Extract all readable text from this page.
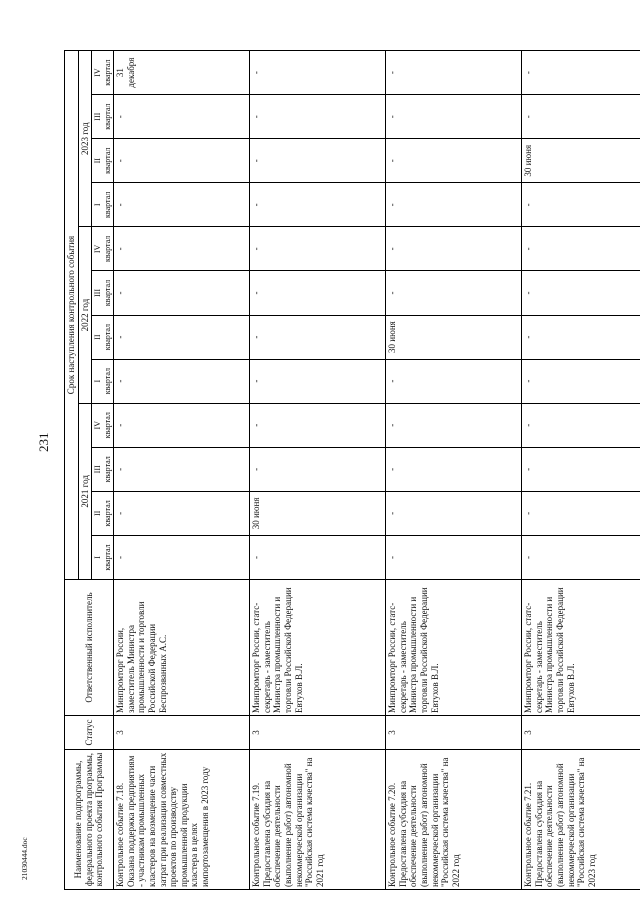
231
21030444.doc	Наименование подпрограммы, федерального проекта программы, контрольного события Программы	Статус	Ответственный исполнитель	Срок наступления контрольного события											
			2021 год				2022 год				2023 год			

			I квартал	II квартал	III квартал	IV квартал	I квартал	II квартал	III квартал	IV квартал	I квартал	II квартал	III квартал	IV квартал

Контрольное событие 7.18. Оказана поддержка предприятиям - участникам промышленных кластеров на возмещение части затрат при реализации совместных проектов по производству промышленной продукции кластера в целях импортозамещения в 2023 году	3	Минпромторг России, заместитель Министра промышленности и торговли Российской Федерации Беспрозванных А.С.	-	-	-	-	-	-	-	-	-	-	-	31 декабря
Контрольное событие 7.19. Предоставлена субсидия на обеспечение деятельности (выполнение работ) автономной некоммерческой организации "Российская система качества" на 2021 год	3	Минпромторг России, статс-секретарь - заместитель Министра промышленности и торговли Российской Федерации Евтухов В.Л.	-	30 июня	-	-	-	-	-	-	-	-	-	-
Контрольное событие 7.20. Предоставлена субсидия на обеспечение деятельности (выполнение работ) автономной некоммерческой организации "Российская система качества" на 2022 год	3	Минпромторг России, статс-секретарь - заместитель Министра промышленности и торговли Российской Федерации Евтухов В.Л.	-	-	-	-	-	30 июня	-	-	-	-	-	-
Контрольное событие 7.21. Предоставлена субсидия на обеспечение деятельности (выполнение работ) автономной некоммерческой организации "Российская система качества" на 2023 год	3	Минпромторг России, статс-секретарь - заместитель Министра промышленности и торговли Российской Федерации Евтухов В.Л.	-	-	-	-	-	-	-	-	-	30 июня	-	-
